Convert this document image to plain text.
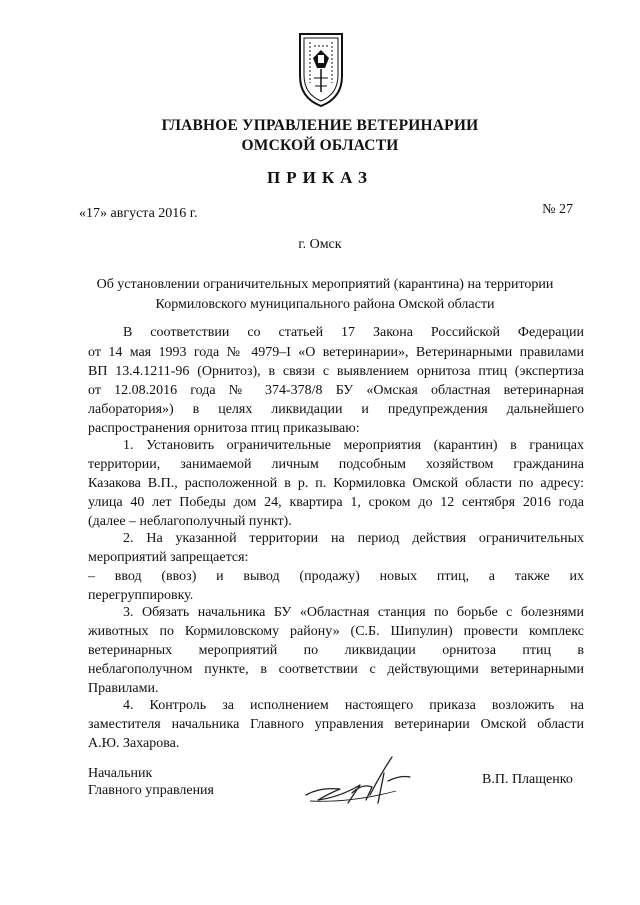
ГЛАВНОЕ УПРАВЛЕНИЕ ВЕТЕРИНАРИИ
ОМСКОЙ ОБЛАСТИ
ПРИКАЗ
«17» августа 2016 г.	№ 27
г. Омск
Об установлении ограничительных мероприятий (карантина) на территории
Кормиловского муниципального района Омской области
В соответствии со статьей 17 Закона Российской Федерации
от 14 мая 1993 года № 4979–I «О ветеринарии», Ветеринарными правилами
ВП 13.4.1211-96 (Орнитоз), в связи с выявлением орнитоза птиц (экспертиза
от 12.08.2016 года № 374-378/8 БУ «Омская областная ветеринарная
лаборатория») в целях ликвидации и предупреждения дальнейшего
распространения орнитоза птиц приказываю:
1. Установить ограничительные мероприятия (карантин) в границах
территории, занимаемой личным подсобным хозяйством гражданина
Казакова В.П., расположенной в р. п. Кормиловка Омской области по адресу:
улица 40 лет Победы дом 24, квартира 1, сроком до 12 сентября 2016 года
(далее – неблагополучный пункт).
2. На указанной территории на период действия ограничительных
мероприятий запрещается:
– ввод (ввоз) и вывод (продажу) новых птиц, а также их
перегруппировку.
3. Обязать начальника БУ «Областная станция по борьбе с болезнями
животных по Кормиловскому району» (С.Б. Шипулин) провести комплекс
ветеринарных мероприятий по ликвидации орнитоза птиц в
неблагополучном пункте, в соответствии с действующими ветеринарными
Правилами.
4. Контроль за исполнением настоящего приказа возложить на
заместителя начальника Главного управления ветеринарии Омской области
А.Ю. Захарова.
Начальник
Главного управления
В.П. Плащенко
